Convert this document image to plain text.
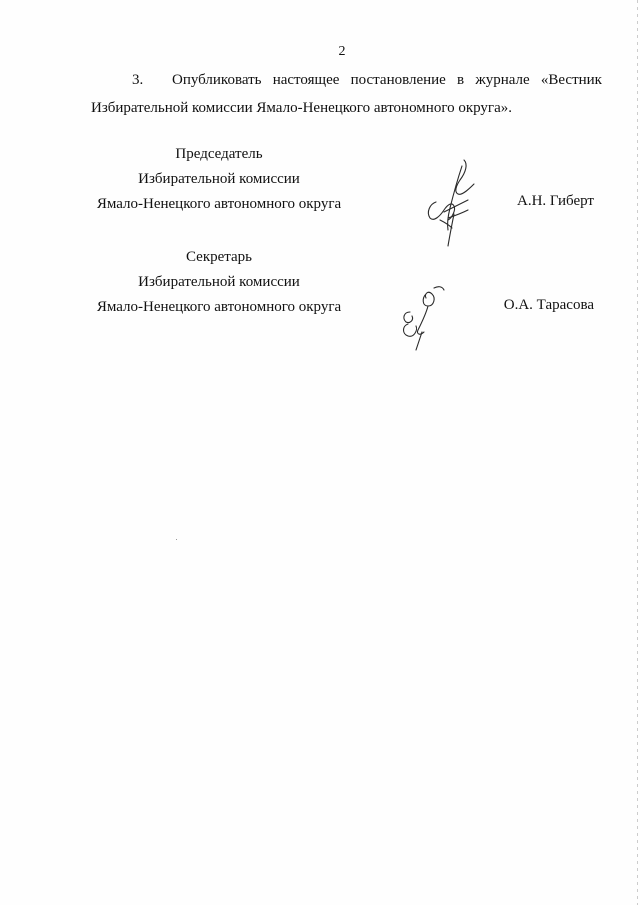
2
3.	Опубликовать настоящее постановление в журнале «Вестник
Избирательной комиссии Ямало-Ненецкого автономного округа».
Председатель
Избирательной комиссии
Ямало-Ненецкого автономного округа	А.Н. Гиберт
Секретарь
Избирательной комиссии
Ямало-Ненецкого автономного округа	О.А. Тарасова
